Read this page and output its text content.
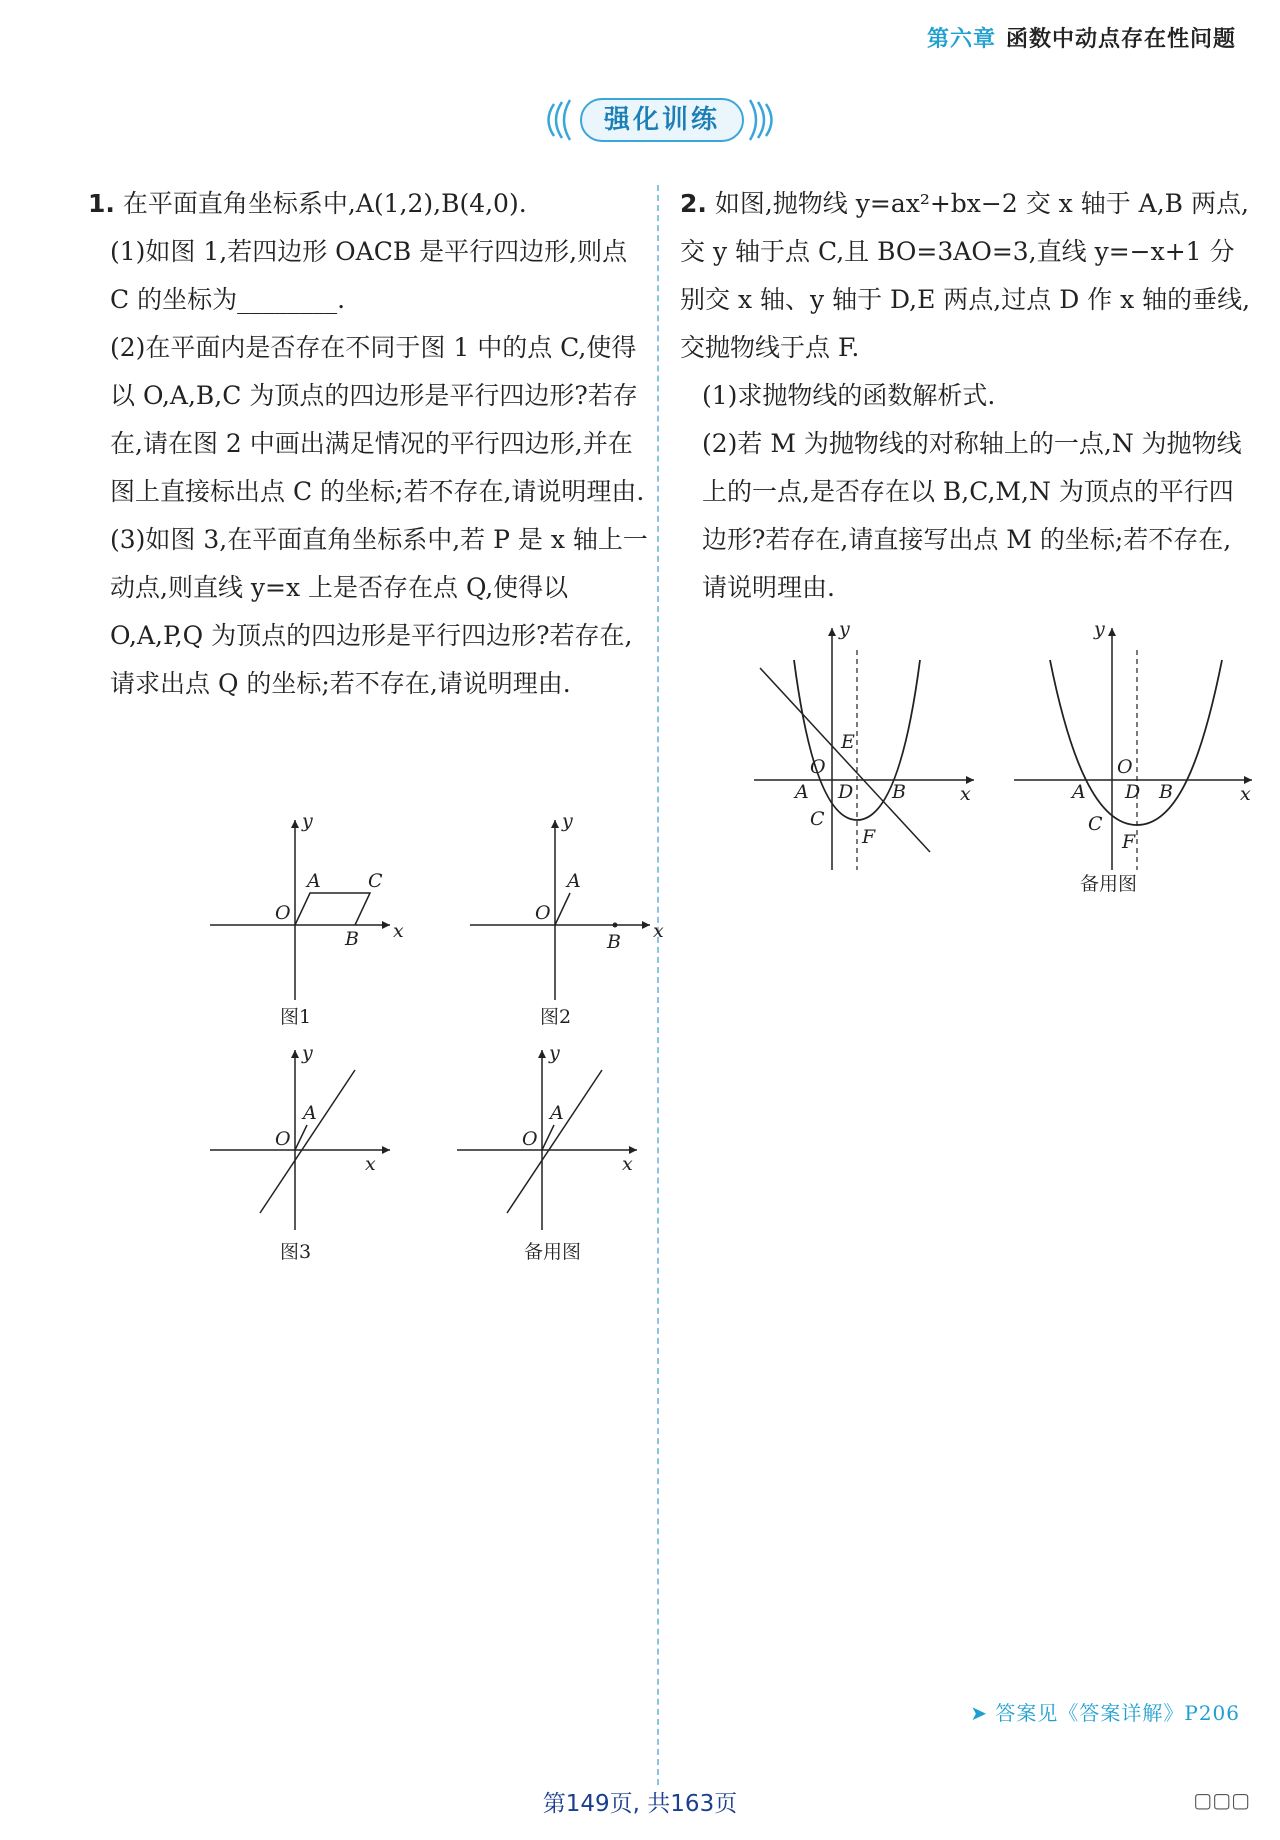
第六章 函数中动点存在性问题
强化训练

1. 在平面直角坐标系中,A(1,2),B(4,0).

(1)如图 1,若四边形 OACB 是平行四边形,则点 C 的坐标为________.

(2)在平面内是否存在不同于图 1 中的点 C,使得以 O,A,B,C 为顶点的四边形是平行四边形?若存在,请在图 2 中画出满足情况的平行四边形,并在图上直接标出点 C 的坐标;若不存在,请说明理由.

(3)如图 3,在平面直角坐标系中,若 P 是 x 轴上一动点,则直线 y=x 上是否存在点 Q,使得以 O,A,P,Q 为顶点的四边形是平行四边形?若存在,请求出点 Q 的坐标;若不存在,请说明理由.

y
x
O
A C
B
图1
y
x
O
A
B
图2
y
x
O
A
图3
y
x
O
A
备用图

2. 如图,抛物线 y=ax²+bx−2 交 x 轴于 A,B 两点,交 y 轴于点 C,且 BO=3AO=3,直线 y=−x+1 分别交 x 轴、y 轴于 D,E 两点,过点 D 作 x 轴的垂线,交抛物线于点 F.

(1)求抛物线的函数解析式.

(2)若 M 为抛物线的对称轴上的一点,N 为抛物线上的一点,是否存在以 B,C,M,N 为顶点的平行四边形?若存在,请直接写出点 M 的坐标;若不存在,请说明理由.

y
x
O
E
A D B
C
F
y
x
O
A D B
C
F
备用图
➤ 答案见《答案详解》P206
第149页, 共163页	▢▢▢
